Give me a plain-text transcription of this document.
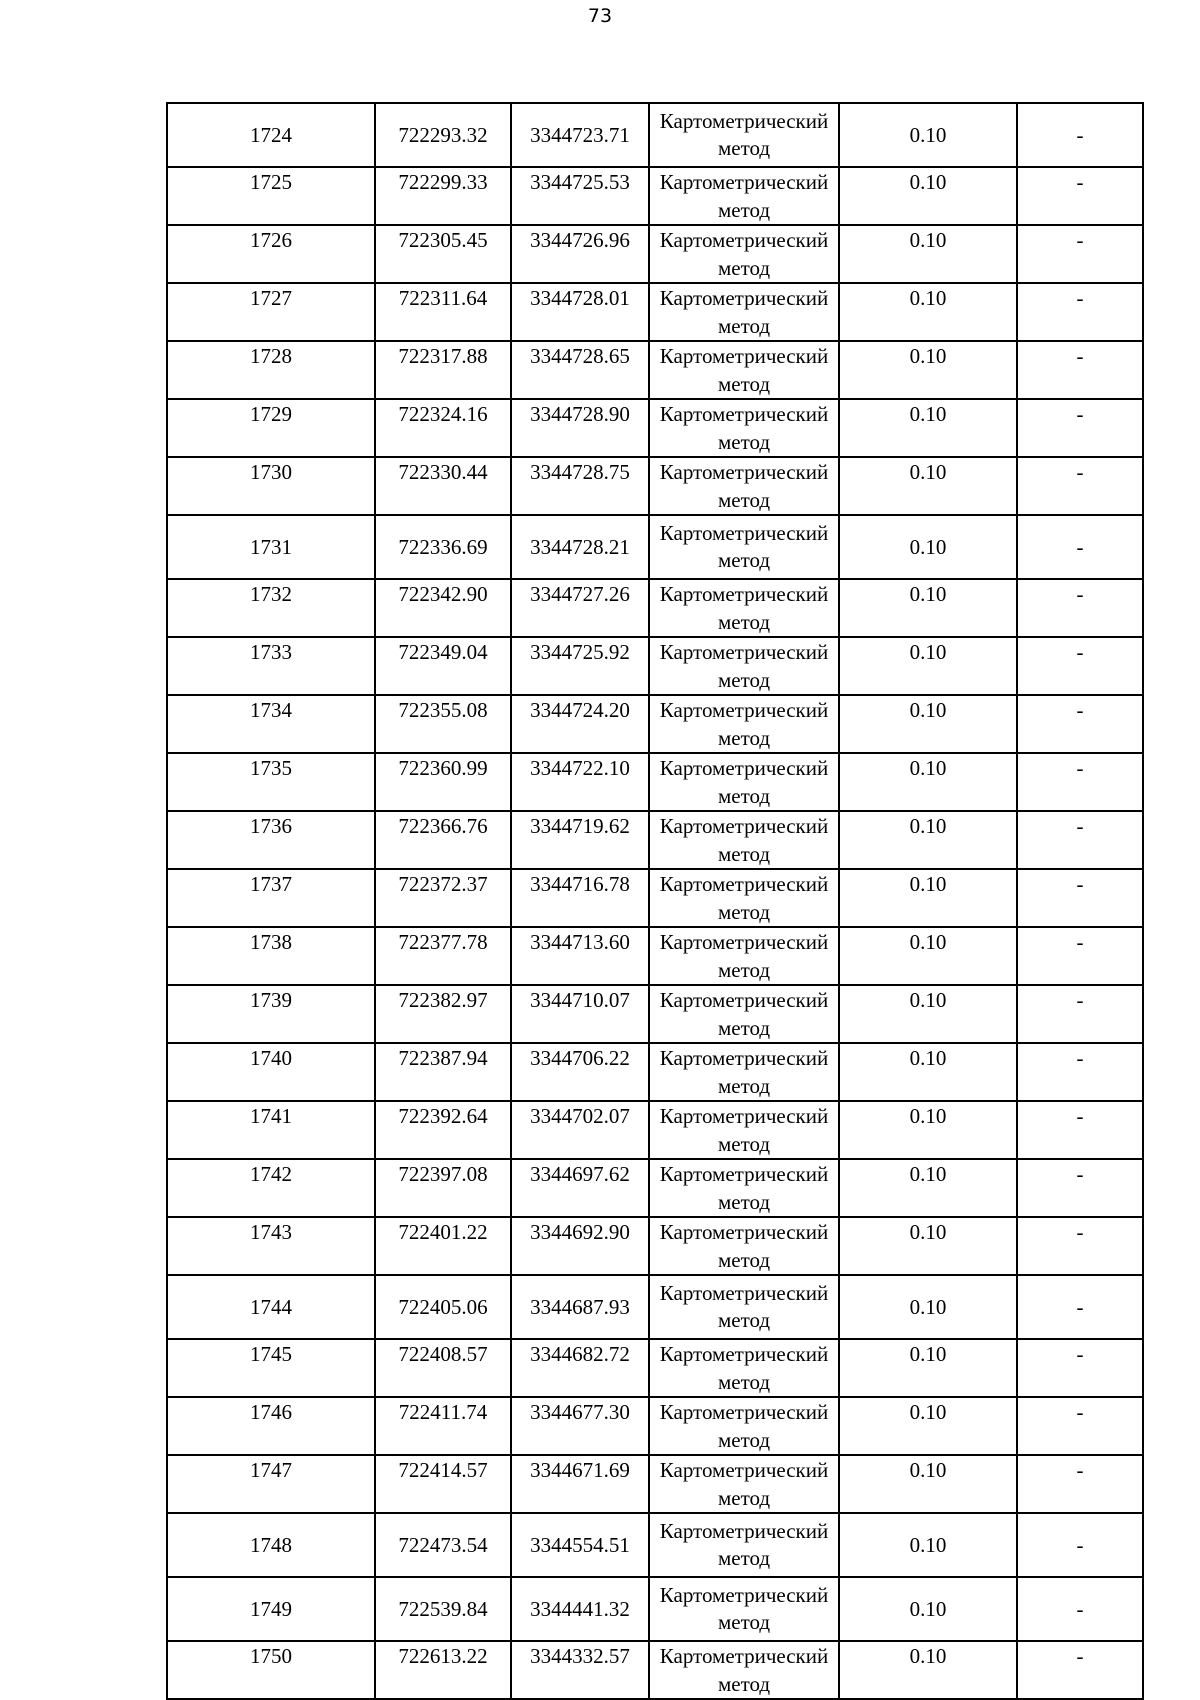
73
1724	722293.32	3344723.71	Картометрический
метод	0.10	-
1725	722299.33	3344725.53	Картометрический
метод	0.10	-
1726	722305.45	3344726.96	Картометрический
метод	0.10	-
1727	722311.64	3344728.01	Картометрический
метод	0.10	-
1728	722317.88	3344728.65	Картометрический
метод	0.10	-
1729	722324.16	3344728.90	Картометрический
метод	0.10	-
1730	722330.44	3344728.75	Картометрический
метод	0.10	-
1731	722336.69	3344728.21	Картометрический
метод	0.10	-
1732	722342.90	3344727.26	Картометрический
метод	0.10	-
1733	722349.04	3344725.92	Картометрический
метод	0.10	-
1734	722355.08	3344724.20	Картометрический
метод	0.10	-
1735	722360.99	3344722.10	Картометрический
метод	0.10	-
1736	722366.76	3344719.62	Картометрический
метод	0.10	-
1737	722372.37	3344716.78	Картометрический
метод	0.10	-
1738	722377.78	3344713.60	Картометрический
метод	0.10	-
1739	722382.97	3344710.07	Картометрический
метод	0.10	-
1740	722387.94	3344706.22	Картометрический
метод	0.10	-
1741	722392.64	3344702.07	Картометрический
метод	0.10	-
1742	722397.08	3344697.62	Картометрический
метод	0.10	-
1743	722401.22	3344692.90	Картометрический
метод	0.10	-
1744	722405.06	3344687.93	Картометрический
метод	0.10	-
1745	722408.57	3344682.72	Картометрический
метод	0.10	-
1746	722411.74	3344677.30	Картометрический
метод	0.10	-
1747	722414.57	3344671.69	Картометрический
метод	0.10	-
1748	722473.54	3344554.51	Картометрический
метод	0.10	-
1749	722539.84	3344441.32	Картометрический
метод	0.10	-
1750	722613.22	3344332.57	Картометрический
метод	0.10	-
